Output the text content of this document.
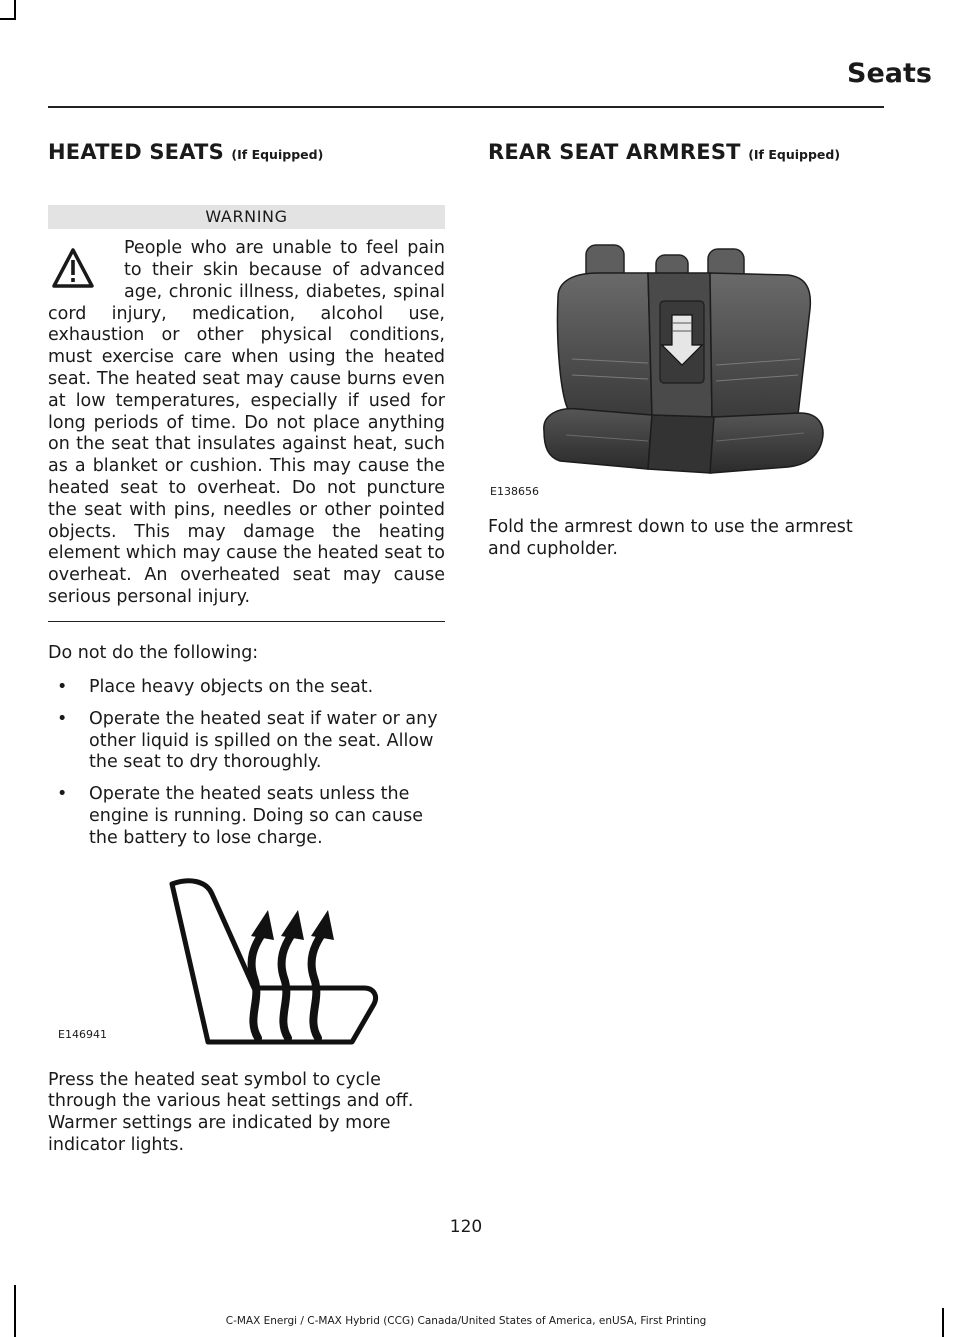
Seats
HEATED SEATS (If Equipped)
WARNING
People who are unable to feel pain to their skin because of advanced age, chronic illness, diabetes, spinal cord injury, medication, alcohol use, exhaustion or other physical conditions, must exercise care when using the heated seat. The heated seat may cause burns even at low temperatures, especially if used for long periods of time. Do not place anything on the seat that insulates against heat, such as a blanket or cushion. This may cause the heated seat to overheat. Do not puncture the seat with pins, needles or other pointed objects. This may damage the heating element which may cause the heated seat to overheat. An overheated seat may cause serious personal injury.

Do not do the following:

• Place heavy objects on the seat.
• Operate the heated seat if water or any other liquid is spilled on the seat. Allow the seat to dry thoroughly.
• Operate the heated seats unless the engine is running. Doing so can cause the battery to lose charge.
E146941

Press the heated seat symbol to cycle through the various heat settings and off. Warmer settings are indicated by more indicator lights.

REAR SEAT ARMREST (If Equipped)
E138656

Fold the armrest down to use the armrest and cupholder.

120
C-MAX Energi / C-MAX Hybrid (CCG) Canada/United States of America, enUSA, First Printing
